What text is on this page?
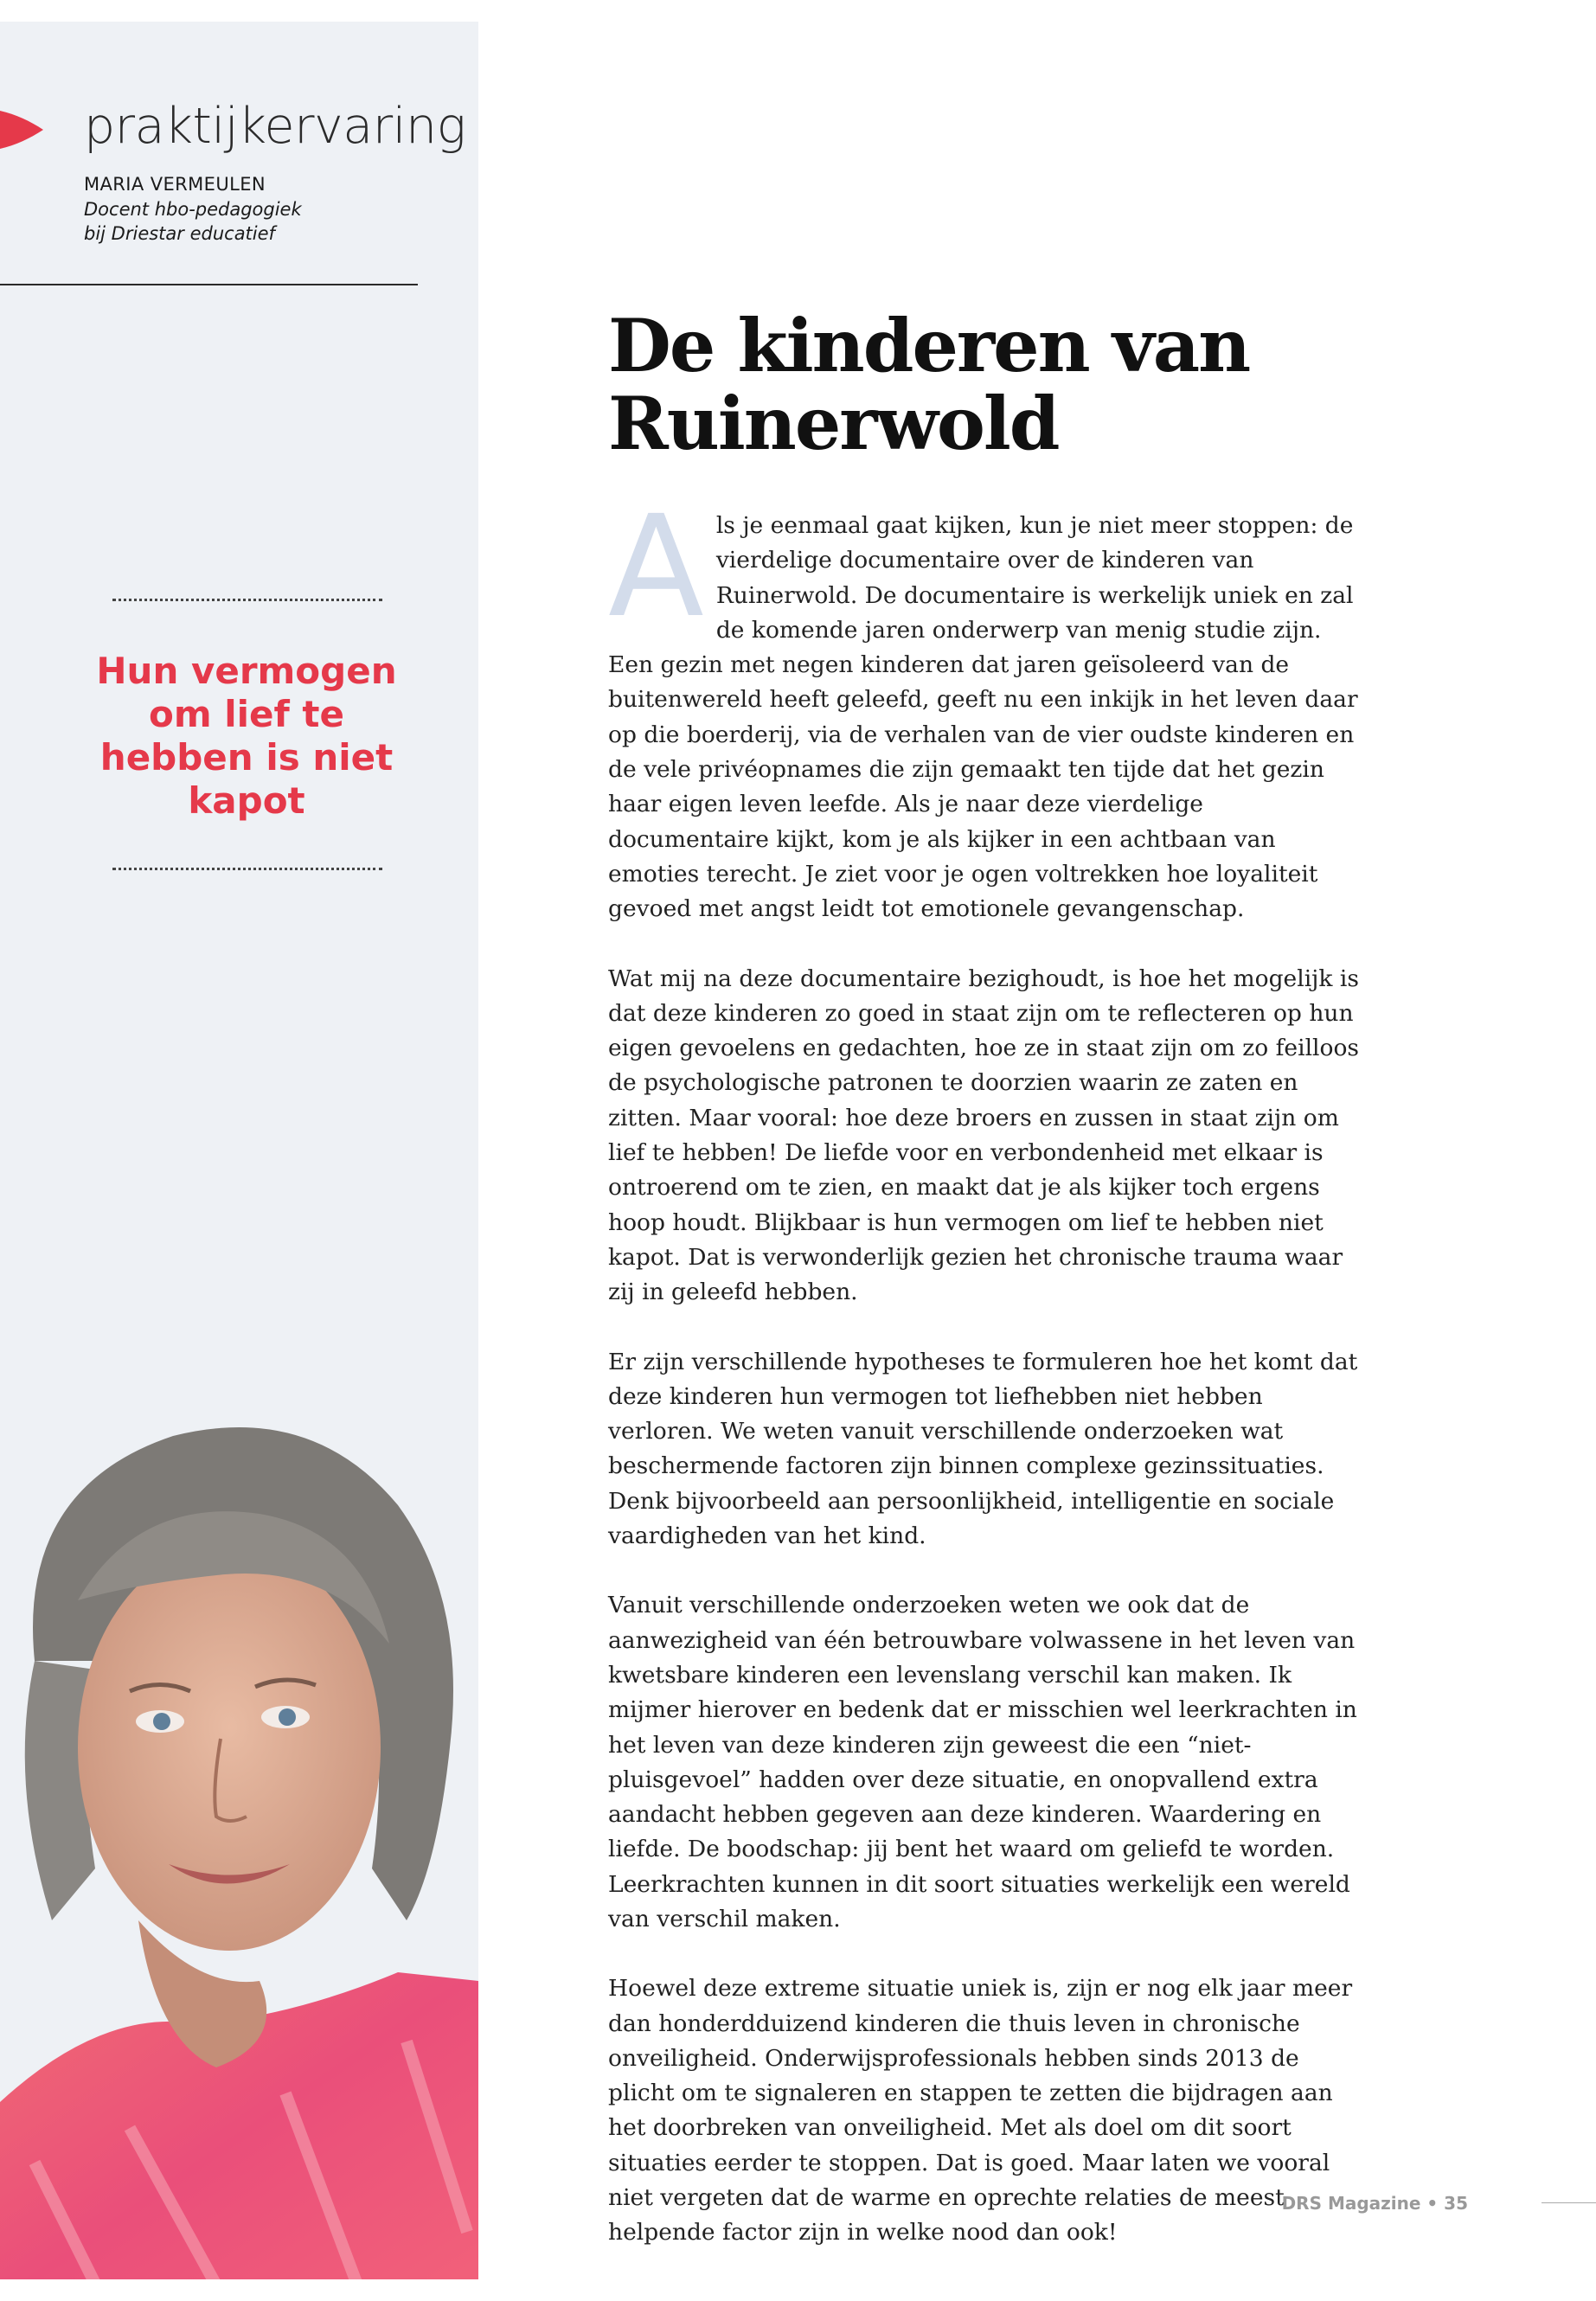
praktijkervaring
MARIA VERMEULEN
Docent hbo-pedagogiek
bij Driestar educatief
Hun vermogen om lief te hebben is niet kapot
De kinderen van
Ruinerwold

Als je eenmaal gaat kijken, kun je niet meer stoppen: de vierdelige documentaire over de kinderen van Ruinerwold. De documentaire is werkelijk uniek en zal de komende jaren onderwerp van menig studie zijn. Een gezin met negen kinderen dat jaren geïsoleerd van de buitenwereld heeft geleefd, geeft nu een inkijk in het leven daar op die boerderij, via de verhalen van de vier oudste kinderen en de vele privéopnames die zijn gemaakt ten tijde dat het gezin haar eigen leven leefde. Als je naar deze vierdelige documentaire kijkt, kom je als kijker in een achtbaan van emoties terecht. Je ziet voor je ogen voltrekken hoe loyaliteit gevoed met angst leidt tot emotionele gevangenschap.

Wat mij na deze documentaire bezighoudt, is hoe het mogelijk is dat deze kinderen zo goed in staat zijn om te reflecteren op hun eigen gevoelens en gedachten, hoe ze in staat zijn om zo feilloos de psychologische patronen te doorzien waarin ze zaten en zitten. Maar vooral: hoe deze broers en zussen in staat zijn om lief te hebben! De liefde voor en verbondenheid met elkaar is ontroerend om te zien, en maakt dat je als kijker toch ergens hoop houdt. Blijkbaar is hun vermogen om lief te hebben niet kapot. Dat is verwonderlijk gezien het chronische trauma waar zij in geleefd hebben.

Er zijn verschillende hypotheses te formuleren hoe het komt dat deze kinderen hun vermogen tot liefhebben niet hebben verloren. We weten vanuit verschillende onderzoeken wat beschermende factoren zijn binnen complexe gezinssituaties. Denk bijvoorbeeld aan persoonlijkheid, intelligentie en sociale vaardigheden van het kind.

Vanuit verschillende onderzoeken weten we ook dat de aanwezigheid van één betrouwbare volwassene in het leven van kwetsbare kinderen een levenslang verschil kan maken. Ik mijmer hierover en bedenk dat er misschien wel leerkrachten in het leven van deze kinderen zijn geweest die een “niet-pluisgevoel” hadden over deze situatie, en onopvallend extra aandacht hebben gegeven aan deze kinderen. Waardering en liefde. De boodschap: jij bent het waard om geliefd te worden. Leerkrachten kunnen in dit soort situaties werkelijk een wereld van verschil maken.

Hoewel deze extreme situatie uniek is, zijn er nog elk jaar meer dan honderdduizend kinderen die thuis leven in chronische onveiligheid. Onderwijsprofessionals hebben sinds 2013 de plicht om te signaleren en stappen te zetten die bijdragen aan het doorbreken van onveiligheid. Met als doel om dit soort situaties eerder te stoppen. Dat is goed. Maar laten we vooral niet vergeten dat de warme en oprechte relaties de meest helpende factor zijn in welke nood dan ook!

DRS Magazine • 35
